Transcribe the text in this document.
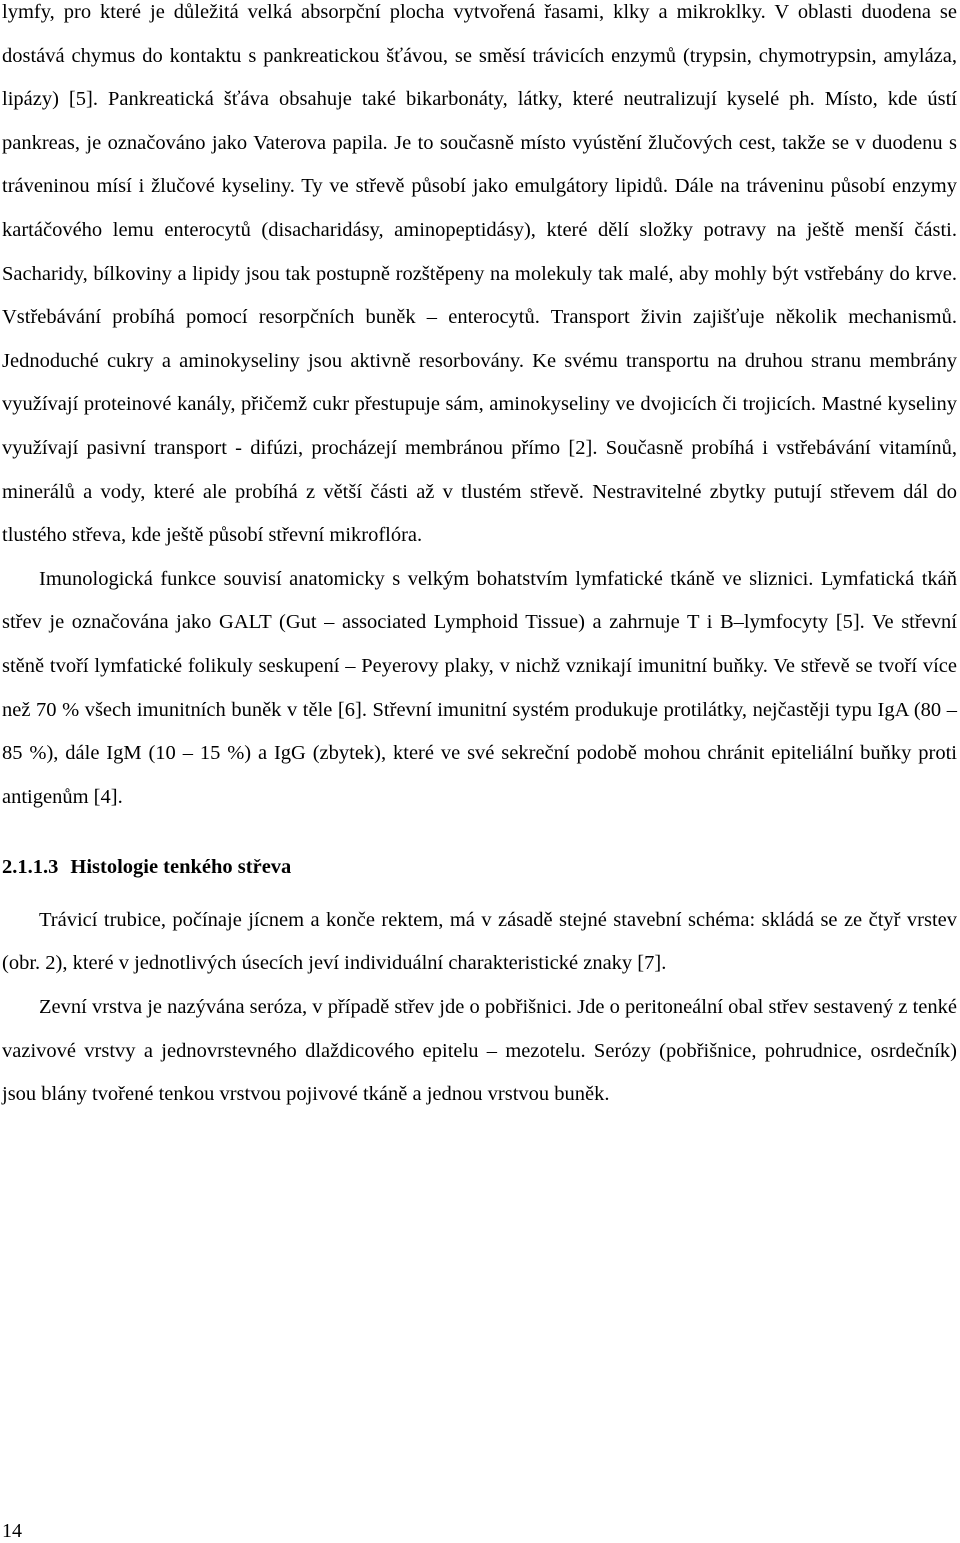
lymfy, pro které je důležitá velká absorpční plocha vytvořená řasami, klky a mikroklky. V oblasti duodena se dostává chymus do kontaktu s pankreatickou šťávou, se směsí trávicích enzymů (trypsin, chymotrypsin, amyláza, lipázy) [5]. Pankreatická šťáva obsahuje také bikarbonáty, látky, které neutralizují kyselé ph. Místo, kde ústí pankreas, je označováno jako Vaterova papila. Je to současně místo vyústění žlučových cest, takže se v duodenu s tráveninou mísí i žlučové kyseliny. Ty ve střevě působí jako emulgátory lipidů. Dále na tráveninu působí enzymy kartáčového lemu enterocytů (disacharidásy, aminopeptidásy), které dělí složky potravy na ještě menší části. Sacharidy, bílkoviny a lipidy jsou tak postupně rozštěpeny na molekuly tak malé, aby mohly být vstřebány do krve. Vstřebávání probíhá pomocí resorpčních buněk – enterocytů. Transport živin zajišťuje několik mechanismů. Jednoduché cukry a aminokyseliny jsou aktivně resorbovány. Ke svému transportu na druhou stranu membrány využívají proteinové kanály, přičemž cukr přestupuje sám, aminokyseliny ve dvojicích či trojicích. Mastné kyseliny využívají pasivní transport - difúzi, procházejí membránou přímo [2]. Současně probíhá i vstřebávání vitamínů, minerálů a vody, které ale probíhá z větší části až v tlustém střevě. Nestravitelné zbytky putují střevem dál do tlustého střeva, kde ještě působí střevní mikroflóra.

Imunologická funkce souvisí anatomicky s velkým bohatstvím lymfatické tkáně ve sliznici. Lymfatická tkáň střev je označována jako GALT (Gut – associated Lymphoid Tissue) a zahrnuje T i B–lymfocyty [5]. Ve střevní stěně tvoří lymfatické folikuly seskupení – Peyerovy plaky, v nichž vznikají imunitní buňky. Ve střevě se tvoří více než 70 % všech imunitních buněk v těle [6]. Střevní imunitní systém produkuje protilátky, nejčastěji typu IgA (80 – 85 %), dále IgM (10 – 15 %) a IgG (zbytek), které ve své sekreční podobě mohou chránit epiteliální buňky proti antigenům [4].

2.1.1.3 Histologie tenkého střeva

Trávicí trubice, počínaje jícnem a konče rektem, má v zásadě stejné stavební schéma: skládá se ze čtyř vrstev (obr. 2), které v jednotlivých úsecích jeví individuální charakteristické znaky [7].

Zevní vrstva je nazývána seróza, v případě střev jde o pobřišnici. Jde o peritoneální obal střev sestavený z tenké vazivové vrstvy a jednovrstevného dlaždicového epitelu – mezotelu. Serózy (pobřišnice, pohrudnice, osrdečník) jsou blány tvořené tenkou vrstvou pojivové tkáně a jednou vrstvou buněk.

14
